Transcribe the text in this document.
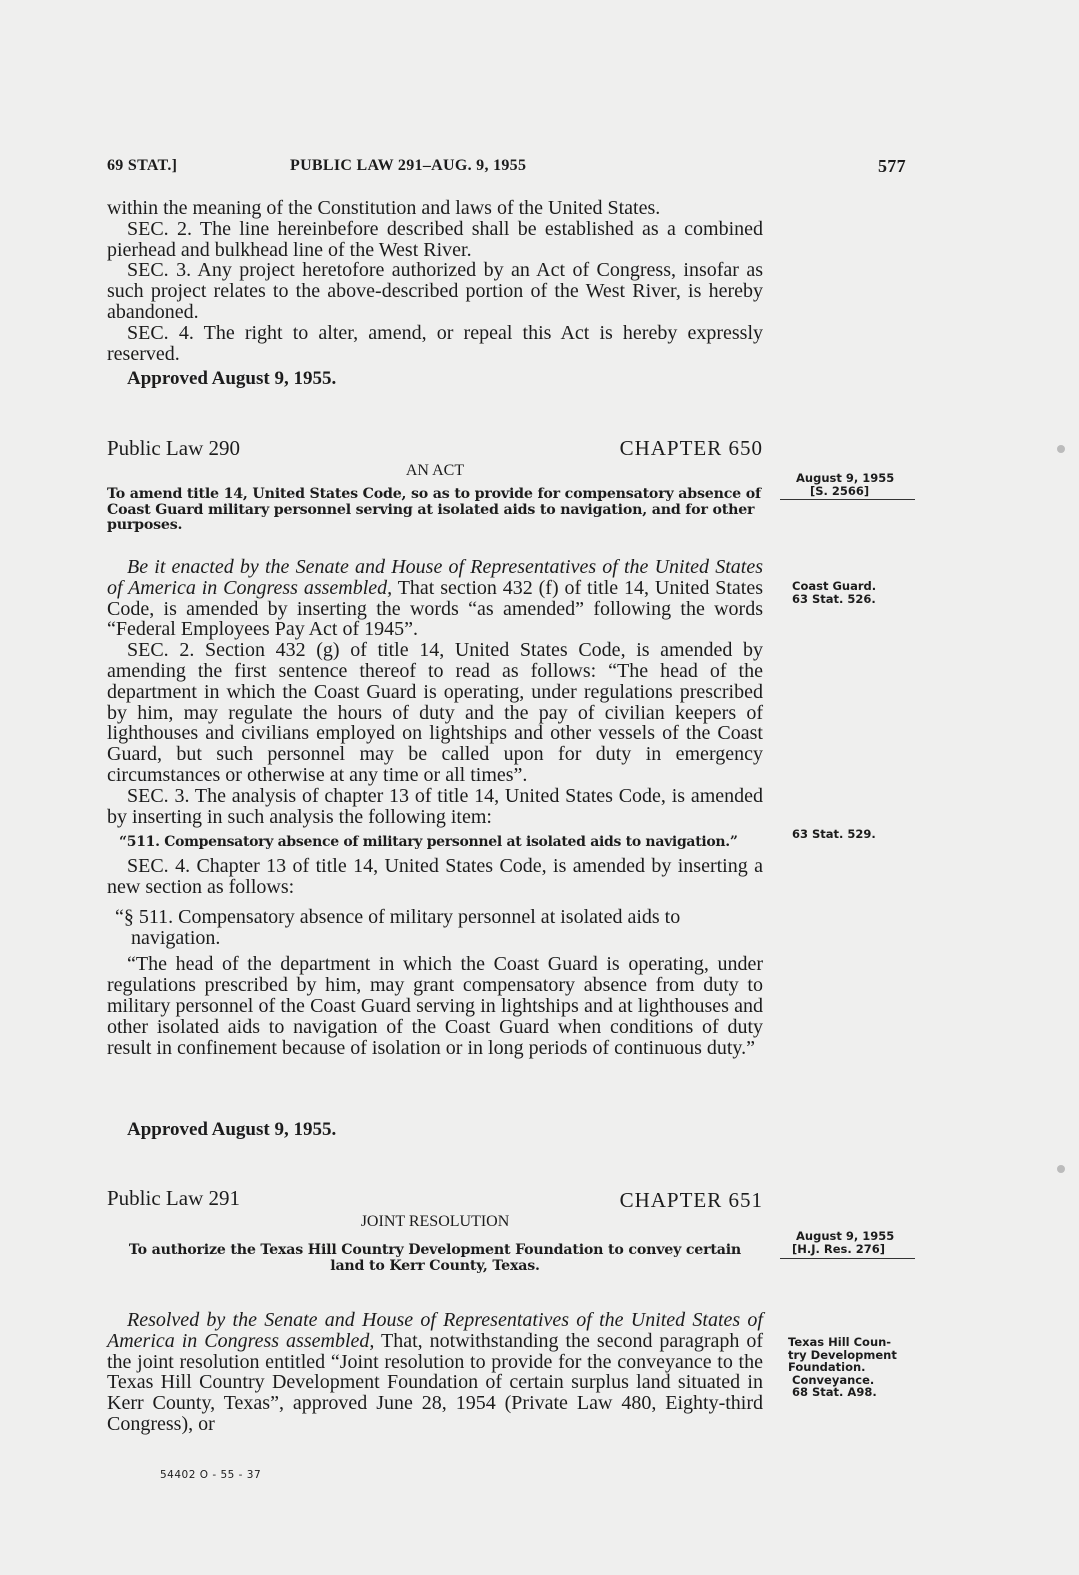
69 STAT.]	PUBLIC LAW 291–AUG. 9, 1955	577

within the meaning of the Constitution and laws of the United States.

SEC. 2. The line hereinbefore described shall be established as a combined pierhead and bulkhead line of the West River.

SEC. 3. Any project heretofore authorized by an Act of Congress, insofar as such project relates to the above-described portion of the West River, is hereby abandoned.

SEC. 4. The right to alter, amend, or repeal this Act is hereby expressly reserved.

Approved August 9, 1955.
Public Law 290	CHAPTER 650
AN ACT
To amend title 14, United States Code, so as to provide for compensatory absence of Coast Guard military personnel serving at isolated aids to navigation, and for other purposes.

Be it enacted by the Senate and House of Representatives of the United States of America in Congress assembled, That section 432 (f) of title 14, United States Code, is amended by inserting the words “as amended” following the words “Federal Employees Pay Act of 1945”.

SEC. 2. Section 432 (g) of title 14, United States Code, is amended by amending the first sentence thereof to read as follows: “The head of the department in which the Coast Guard is operating, under regulations prescribed by him, may regulate the hours of duty and the pay of civilian keepers of lighthouses and civilians employed on lightships and other vessels of the Coast Guard, but such personnel may be called upon for duty in emergency circumstances or otherwise at any time or all times”.

SEC. 3. The analysis of chapter 13 of title 14, United States Code, is amended by inserting in such analysis the following item:

“511. Compensatory absence of military personnel at isolated aids to navigation.”

SEC. 4. Chapter 13 of title 14, United States Code, is amended by inserting a new section as follows:

“§ 511. Compensatory absence of military personnel at isolated aids to navigation.

“The head of the department in which the Coast Guard is operating, under regulations prescribed by him, may grant compensatory absence from duty to military personnel of the Coast Guard serving in lightships and at lighthouses and other isolated aids to navigation of the Coast Guard when conditions of duty result in confinement because of isolation or in long periods of continuous duty.”

Approved August 9, 1955.
Public Law 291	CHAPTER 651
JOINT RESOLUTION
To authorize the Texas Hill Country Development Foundation to convey certain
land to Kerr County, Texas.

Resolved by the Senate and House of Representatives of the United States of America in Congress assembled, That, notwithstanding the second paragraph of the joint resolution entitled “Joint resolution to provide for the conveyance to the Texas Hill Country Development Foundation of certain surplus land situated in Kerr County, Texas”, approved June 28, 1954 (Private Law 480, Eighty-third Congress), or

August 9, 1955
[S. 2566]
Coast Guard.
63 Stat. 526.
63 Stat. 529.
August 9, 1955
[H.J. Res. 276]
Texas Hill Coun-
try Development
Foundation.
Conveyance.
68 Stat. A98.
54402 O - 55 - 37
